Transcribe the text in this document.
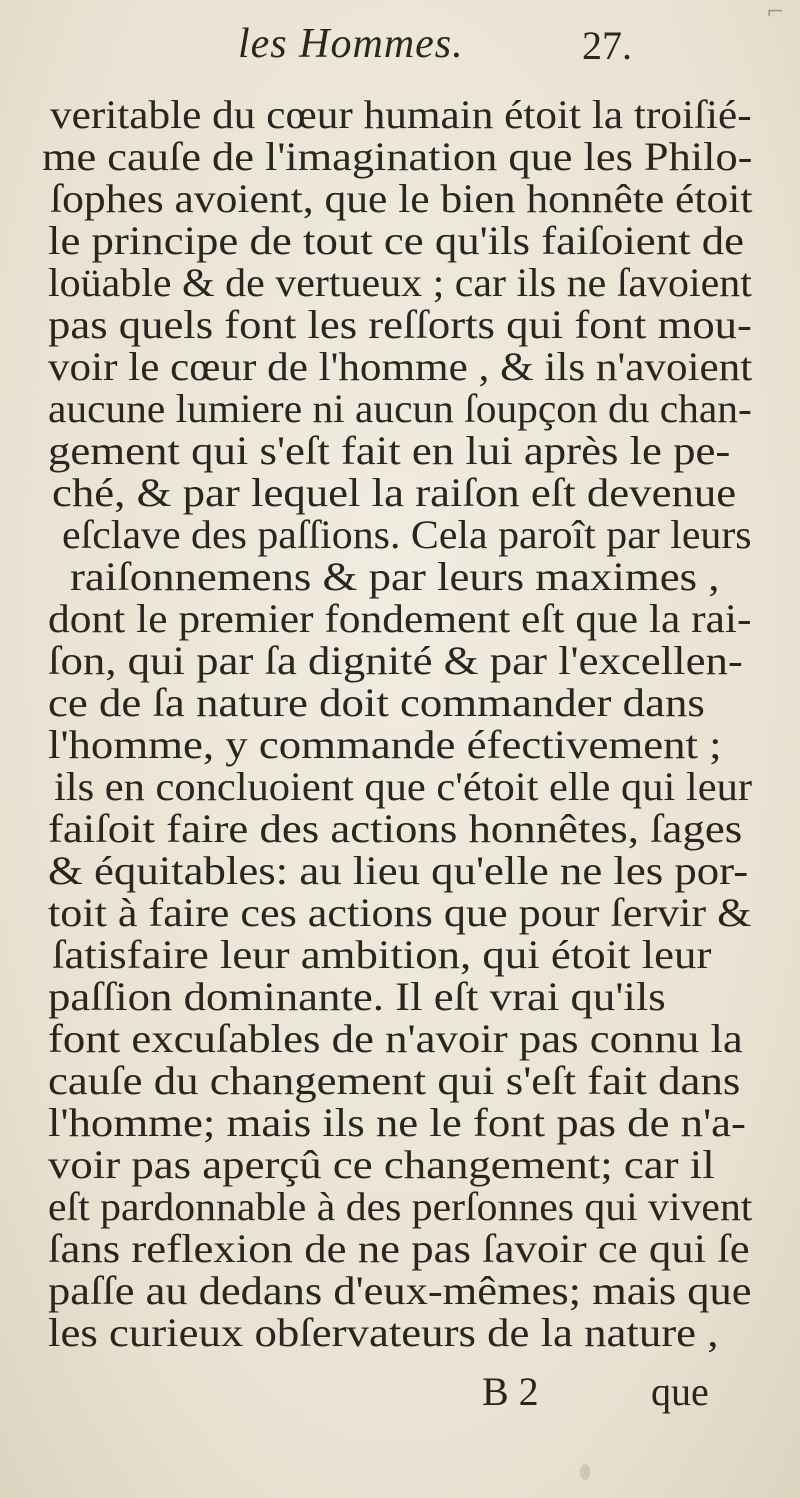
⌐
les Hommes.	27.
veritable du cœur humain étoit la troiſié-
me cauſe de l'imagination que les Philo-
ſophes avoient, que le bien honnête étoit
le principe de tout ce qu'ils faiſoient de
loüable & de vertueux ; car ils ne ſavoient
pas quels font les reſſorts qui font mou-
voir le cœur de l'homme , & ils n'avoient
aucune lumiere ni aucun ſoupçon du chan-
gement qui s'eſt fait en lui après le pe-
ché, & par lequel la raiſon eſt devenue
eſclave des paſſions. Cela paroît par leurs
raiſonnemens & par leurs maximes ,
dont le premier fondement eſt que la rai-
ſon, qui par ſa dignité & par l'excellen-
ce de ſa nature doit commander dans
l'homme, y commande éfectivement ;
ils en concluoient que c'étoit elle qui leur
faiſoit faire des actions honnêtes, ſages
& équitables: au lieu qu'elle ne les por-
toit à faire ces actions que pour ſervir &
ſatisfaire leur ambition, qui étoit leur
paſſion dominante. Il eſt vrai qu'ils
font excuſables de n'avoir pas connu la
cauſe du changement qui s'eſt fait dans
l'homme; mais ils ne le font pas de n'a-
voir pas aperçû ce changement; car il
eſt pardonnable à des perſonnes qui vivent
ſans reflexion de ne pas ſavoir ce qui ſe
paſſe au dedans d'eux-mêmes; mais que
les curieux obſervateurs de la nature ,
B 2	que
